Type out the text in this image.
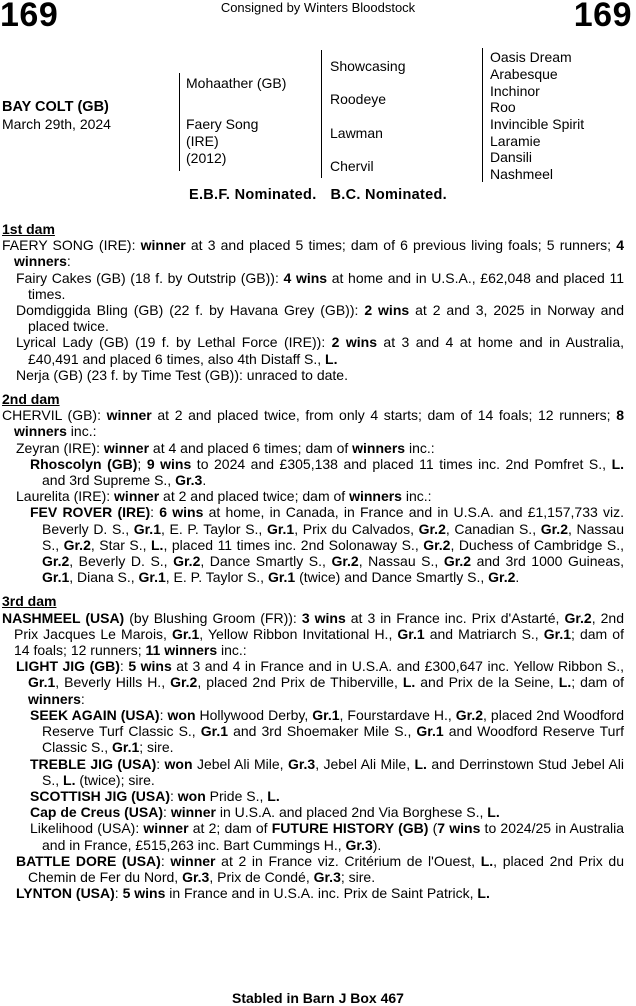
169	Consigned by Winters Bloodstock	169
BAY COLT (GB)
March 29th, 2024
Mohaather (GB)
Faery Song
(IRE)
(2012)
Showcasing
Roodeye
Lawman
Chervil
Oasis Dream
Arabesque
Inchinor
Roo
Invincible Spirit
Laramie
Dansili
Nashmeel
E.B.F. Nominated. B.C. Nominated.
1st dam
FAERY SONG (IRE): winner at 3 and placed 5 times; dam of 6 previous living foals; 5 runners; 4 winners:
Fairy Cakes (GB) (18 f. by Outstrip (GB)): 4 wins at home and in U.S.A., £62,048 and placed 11 times.
Domdiggida Bling (GB) (22 f. by Havana Grey (GB)): 2 wins at 2 and 3, 2025 in Norway and placed twice.
Lyrical Lady (GB) (19 f. by Lethal Force (IRE)): 2 wins at 3 and 4 at home and in Australia, £40,491 and placed 6 times, also 4th Distaff S., L.
Nerja (GB) (23 f. by Time Test (GB)): unraced to date.
2nd dam
CHERVIL (GB): winner at 2 and placed twice, from only 4 starts; dam of 14 foals; 12 runners; 8 winners inc.:
Zeyran (IRE): winner at 4 and placed 6 times; dam of winners inc.:
Rhoscolyn (GB); 9 wins to 2024 and £305,138 and placed 11 times inc. 2nd Pomfret S., L. and 3rd Supreme S., Gr.3.
Laurelita (IRE): winner at 2 and placed twice; dam of winners inc.:
FEV ROVER (IRE): 6 wins at home, in Canada, in France and in U.S.A. and £1,157,733 viz. Beverly D. S., Gr.1, E. P. Taylor S., Gr.1, Prix du Calvados, Gr.2, Canadian S., Gr.2, Nassau S., Gr.2, Star S., L., placed 11 times inc. 2nd Solonaway S., Gr.2, Duchess of Cambridge S., Gr.2, Beverly D. S., Gr.2, Dance Smartly S., Gr.2, Nassau S., Gr.2 and 3rd 1000 Guineas, Gr.1, Diana S., Gr.1, E. P. Taylor S., Gr.1 (twice) and Dance Smartly S., Gr.2.
3rd dam
NASHMEEL (USA) (by Blushing Groom (FR)): 3 wins at 3 in France inc. Prix d'Astarté, Gr.2, 2nd Prix Jacques Le Marois, Gr.1, Yellow Ribbon Invitational H., Gr.1 and Matriarch S., Gr.1; dam of 14 foals; 12 runners; 11 winners inc.:
LIGHT JIG (GB): 5 wins at 3 and 4 in France and in U.S.A. and £300,647 inc. Yellow Ribbon S., Gr.1, Beverly Hills H., Gr.2, placed 2nd Prix de Thiberville, L. and Prix de la Seine, L.; dam of winners:
SEEK AGAIN (USA): won Hollywood Derby, Gr.1, Fourstardave H., Gr.2, placed 2nd Woodford Reserve Turf Classic S., Gr.1 and 3rd Shoemaker Mile S., Gr.1 and Woodford Reserve Turf Classic S., Gr.1; sire.
TREBLE JIG (USA): won Jebel Ali Mile, Gr.3, Jebel Ali Mile, L. and Derrinstown Stud Jebel Ali S., L. (twice); sire.
SCOTTISH JIG (USA): won Pride S., L.
Cap de Creus (USA): winner in U.S.A. and placed 2nd Via Borghese S., L.
Likelihood (USA): winner at 2; dam of FUTURE HISTORY (GB) (7 wins to 2024/25 in Australia and in France, £515,263 inc. Bart Cummings H., Gr.3).
BATTLE DORE (USA): winner at 2 in France viz. Critérium de l'Ouest, L., placed 2nd Prix du Chemin de Fer du Nord, Gr.3, Prix de Condé, Gr.3; sire.
LYNTON (USA): 5 wins in France and in U.S.A. inc. Prix de Saint Patrick, L.
Stabled in Barn J Box 467
